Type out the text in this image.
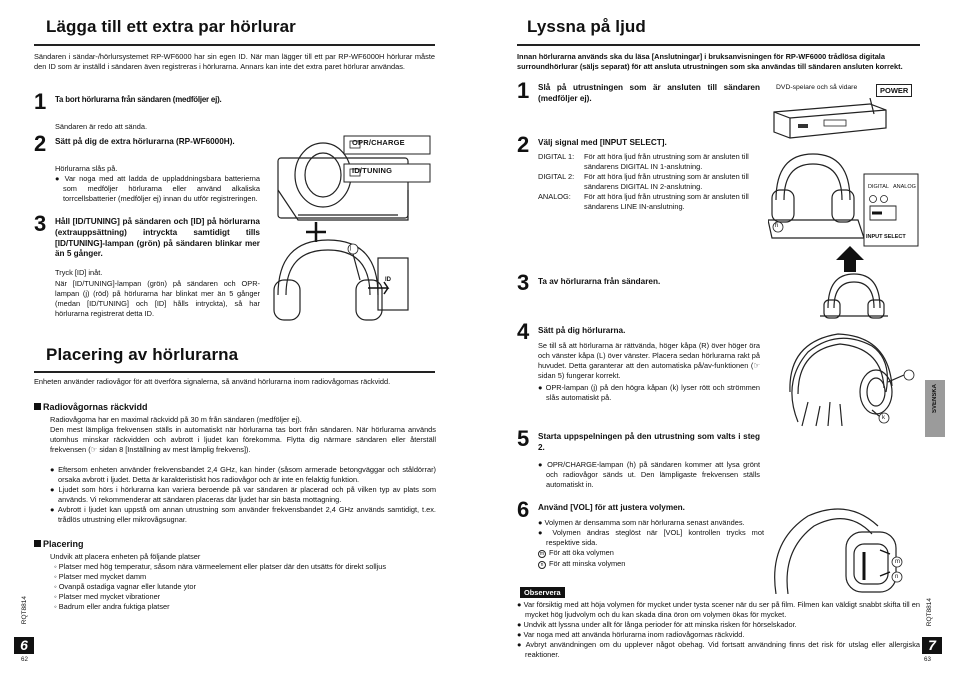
Lägga till ett extra par hörlurar
Sändaren i sändar-/hörlursystemet RP-WF6000 har sin egen ID. När man lägger till ett par RP-WF6000H hörlurar måste den ID som är inställd i sändaren även registreras i hörlurarna. Annars kan inte det extra paret hörlurar användas.
1 Ta bort hörlurarna från sändaren (medföljer ej).
Sändaren är redo att sända.
2 Sätt på dig de extra hörlurarna (RP-WF6000H).
Hörlurarna slås på.
● Var noga med att ladda de uppladdningsbara batterierna som medföljer hörlurarna eller använd alkaliska torrcellsbatterier (medföljer ej) innan du utför registreringen.
3 Håll [ID/TUNING] på sändaren och [ID] på hörlurarna (extrauppsättning) intryckta samtidigt tills [ID/TUNING]-lampan (grön) på sändaren blinkar mer än 5 gånger.
Tryck [ID] inåt.
När [ID/TUNING]-lampan (grön) på sändaren och OPR-lampan (j) (röd) på hörlurarna har blinkat mer än 5 gånger (medan [ID/TUNING] och [ID] hålls intryckta), så har hörlurarna registrerat detta ID.
OPR/CHARGE
ID/TUNING
j
ID
Placering av hörlurarna
Enheten använder radiovågor för att överföra signalerna, så använd hörlurarna inom radiovågornas räckvidd.
Radiovågornas räckvidd
Radiovågorna har en maximal räckvidd på 30 m från sändaren (medföljer ej).
Den mest lämpliga frekvensen ställs in automatiskt när hörlurarna tas bort från sändaren. När hörlurarna används utomhus minskar räckvidden och avbrott i ljudet kan förekomma. Flytta dig närmare sändaren eller återställ frekvensen (☞ sidan 8 [Inställning av mest lämplig frekvens]).
● Eftersom enheten använder frekvensbandet 2,4 GHz, kan hinder (såsom armerade betongväggar och ståldörrar) orsaka avbrott i ljudet. Detta är karakteristiskt hos radiovågor och är inte en felaktig funktion.
● Ljudet som hörs i hörlurarna kan variera beroende på var sändaren är placerad och på vilken typ av plats som används. Vi rekommenderar att sändaren placeras där ljudet har sin bästa mottagning.
● Avbrott i ljudet kan uppstå om annan utrustning som använder frekvensbandet 2,4 GHz används samtidigt, t.ex. trådlös utrustning eller mikrovågsugnar.
Placering
Undvik att placera enheten på följande platser
◦ Platser med hög temperatur, såsom nära värmeelement eller platser där den utsätts för direkt solljus
◦ Platser med mycket damm
◦ Ovanpå ostadiga vagnar eller lutande ytor
◦ Platser med mycket vibrationer
◦ Badrum eller andra fuktiga platser
RQT8814
6
62
Lyssna på ljud
Innan hörlurarna används ska du läsa [Anslutningar] i bruksanvisningen för RP-WF6000 trådlösa digitala surroundhörlurar (säljs separat) för att ansluta utrustningen som ska användas till sändaren ansluten korrekt.
1 Slå på utrustningen som är ansluten till sändaren (medföljer ej).
DVD-spelare och så vidare	POWER
2 Välj signal med [INPUT SELECT].
DIGITAL 1:	För att höra ljud från utrustning som är ansluten till sändarens DIGITAL IN 1-anslutning.
DIGITAL 2:	För att höra ljud från utrustning som är ansluten till sändarens DIGITAL IN 2-anslutning.
ANALOG:	För att höra ljud från utrustning som är ansluten till sändarens LINE IN-anslutning.
DIGITAL ANALOG
INPUT SELECT
h
3 Ta av hörlurarna från sändaren.
4 Sätt på dig hörlurarna.
Se till så att hörlurarna är rättvända, höger kåpa (R) över höger öra och vänster kåpa (L) över vänster. Placera sedan hörlurarna rakt på huvudet. Detta garanterar att den automatiska på/av-funktionen (☞ sidan 5) fungerar korrekt.
● OPR-lampan (j) på den högra kåpan (k) lyser rött och strömmen slås automatiskt på.
k
5 Starta uppspelningen på den utrustning som valts i steg 2.
● OPR/CHARGE-lampan (h) på sändaren kommer att lysa grönt och radiovågor sänds ut. Den lämpligaste frekvensen ställs automatiskt in.
6 Använd [VOL] för att justera volymen.
● Volymen är densamma som när hörlurarna senast användes.
● Volymen ändras steglöst när [VOL] kontrollen trycks mot respektive sida.
m För att öka volymen
n För att minska volymen	m
n
Observera
● Var försiktig med att höja volymen för mycket under tysta scener när du ser på film. Filmen kan väldigt snabbt skifta till en mycket hög ljudvolym och du kan skada dina öron om volymen ökas för mycket.
● Undvik att lyssna under allt för långa perioder för att minska risken för hörselskador.
● Var noga med att använda hörlurarna inom radiovågornas räckvidd.
● Avbryt användningen om du upplever något obehag. Vid fortsatt användning finns det risk för utslag eller allergiska reaktioner.
SVENSKA
RQT8814
7
63
